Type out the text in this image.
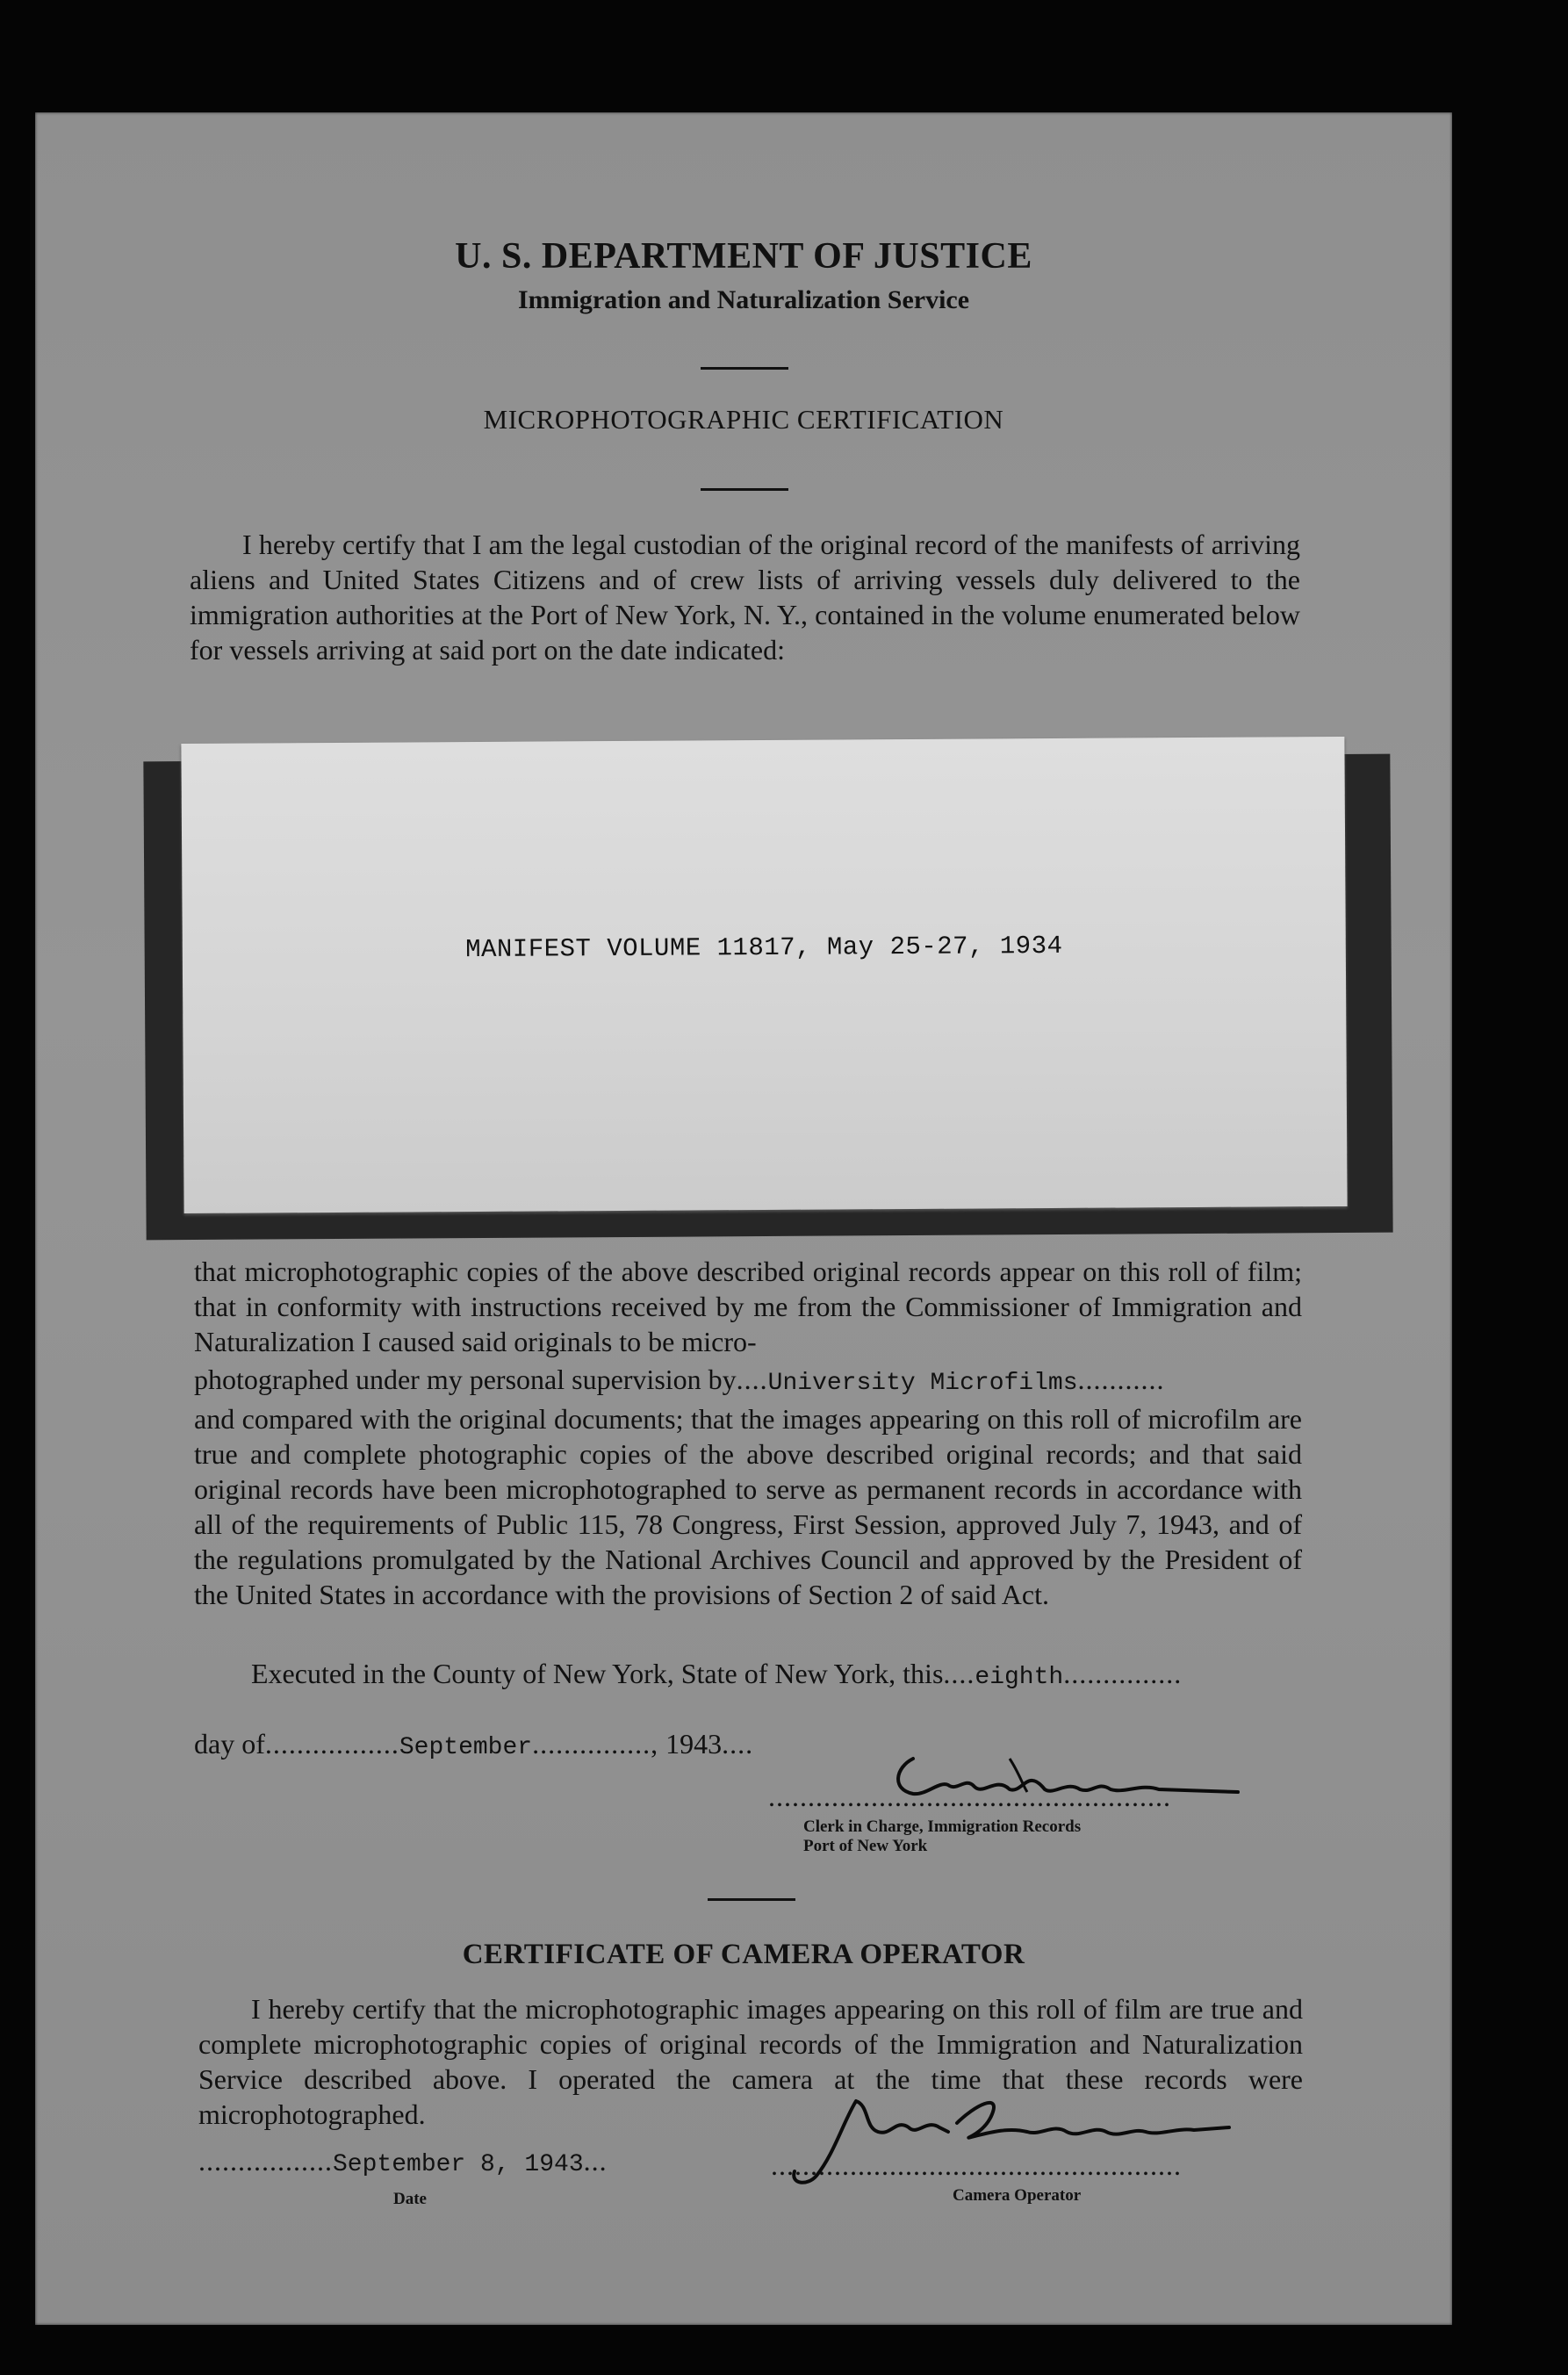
U. S. DEPARTMENT OF JUSTICE
Immigration and Naturalization Service
MICROPHOTOGRAPHIC CERTIFICATION
I hereby certify that I am the legal custodian of the original record of the manifests of arriving aliens and United States Citizens and of crew lists of arriving vessels duly delivered to the immigration authorities at the Port of New York, N. Y., contained in the volume enumerated below for vessels arriving at said port on the date indicated:
MANIFEST VOLUME 11817, May 25-27, 1934
that microphotographic copies of the above described original records appear on this roll of film; that in conformity with instructions received by me from the Commissioner of Immigration and Naturalization I caused said originals to be micro-
photographed under my personal supervision by....University Microfilms...........
and compared with the original documents; that the images appearing on this roll of microfilm are true and complete photographic copies of the above described original records; and that said original records have been microphotographed to serve as permanent records in accordance with all of the requirements of Public 115, 78 Congress, First Session, approved July 7, 1943, and of the regulations promulgated by the National Archives Council and approved by the President of the United States in accordance with the provisions of Section 2 of said Act.
Executed in the County of New York, State of New York, this....eighth...............
day of.................September..............., 1943....
...................................................
Clerk in Charge, Immigration Records
Port of New York
CERTIFICATE OF CAMERA OPERATOR
I hereby certify that the microphotographic images appearing on this roll of film are true and complete microphotographic copies of original records of the Immigration and Naturalization Service described above. I operated the camera at the time that these records were microphotographed.
.................September 8, 1943...
Date
....................................................
Camera Operator
